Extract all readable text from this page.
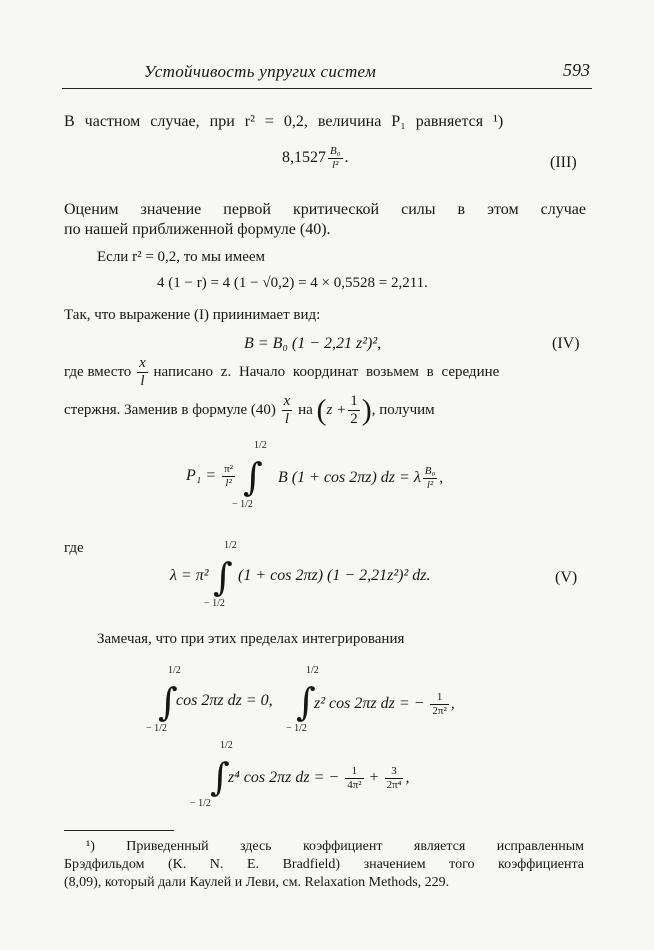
Устойчивость упругих систем	593
В частном случае, при r² = 0,2, величина P₁ равняется ¹)
$8,1527 \frac{\text{B₀}}{\text{l²}}$ .	(III)
Оценим значение первой критической силы в этом случае
по нашей приближенной формуле (40).
Если r² = 0,2, то мы имеем
4 (1 − r) = 4 (1 − √0,2) = 4 × 0,5528 = 2,211.
Так, что выражение (I) приинимает вид:
B = B₀ (1 − 2,21 z²)²,	(IV)
где вместо $\frac{x}{l}$ написано z. Начало координат возьмем в середине
стержня. Заменив в формуле $(40) \frac{x}{l}$ на ($z + \frac{1}{2}$ ), получим
$P_1 = \frac{\text{π²}}{\text{l²}}$ ∫
1/2
− 1/2
B (1 + cos 2πz) dz = λ $\frac{\text{B₀}}{\text{l²}}$ ,
где
λ = π² ∫
1/2
− 1/2
(1 + cos 2πz) (1 − 2,21z²)² dz.	(V)
Замечая, что при этих пределах интегрирования
∫
1/2
− 1/2
cos 2πz dz = 0, ∫
1/2
− 1/2
z² cos 2πz dz = − $\frac{1}{\text{2π²}}$ ,
∫
1/2
− 1/2
z⁴ cos 2πz dz = − $\frac{1}{\text{4π²}} + \frac{3}{\text{2π⁴}}$ ,
¹) Приведенный здесь коэффициент является исправленным
Брэдфильдом (K. N. E. Bradfield) значением того коэффициента
(8,09), который дали Каулей и Леви, см. Relaxation Methods, 229.
